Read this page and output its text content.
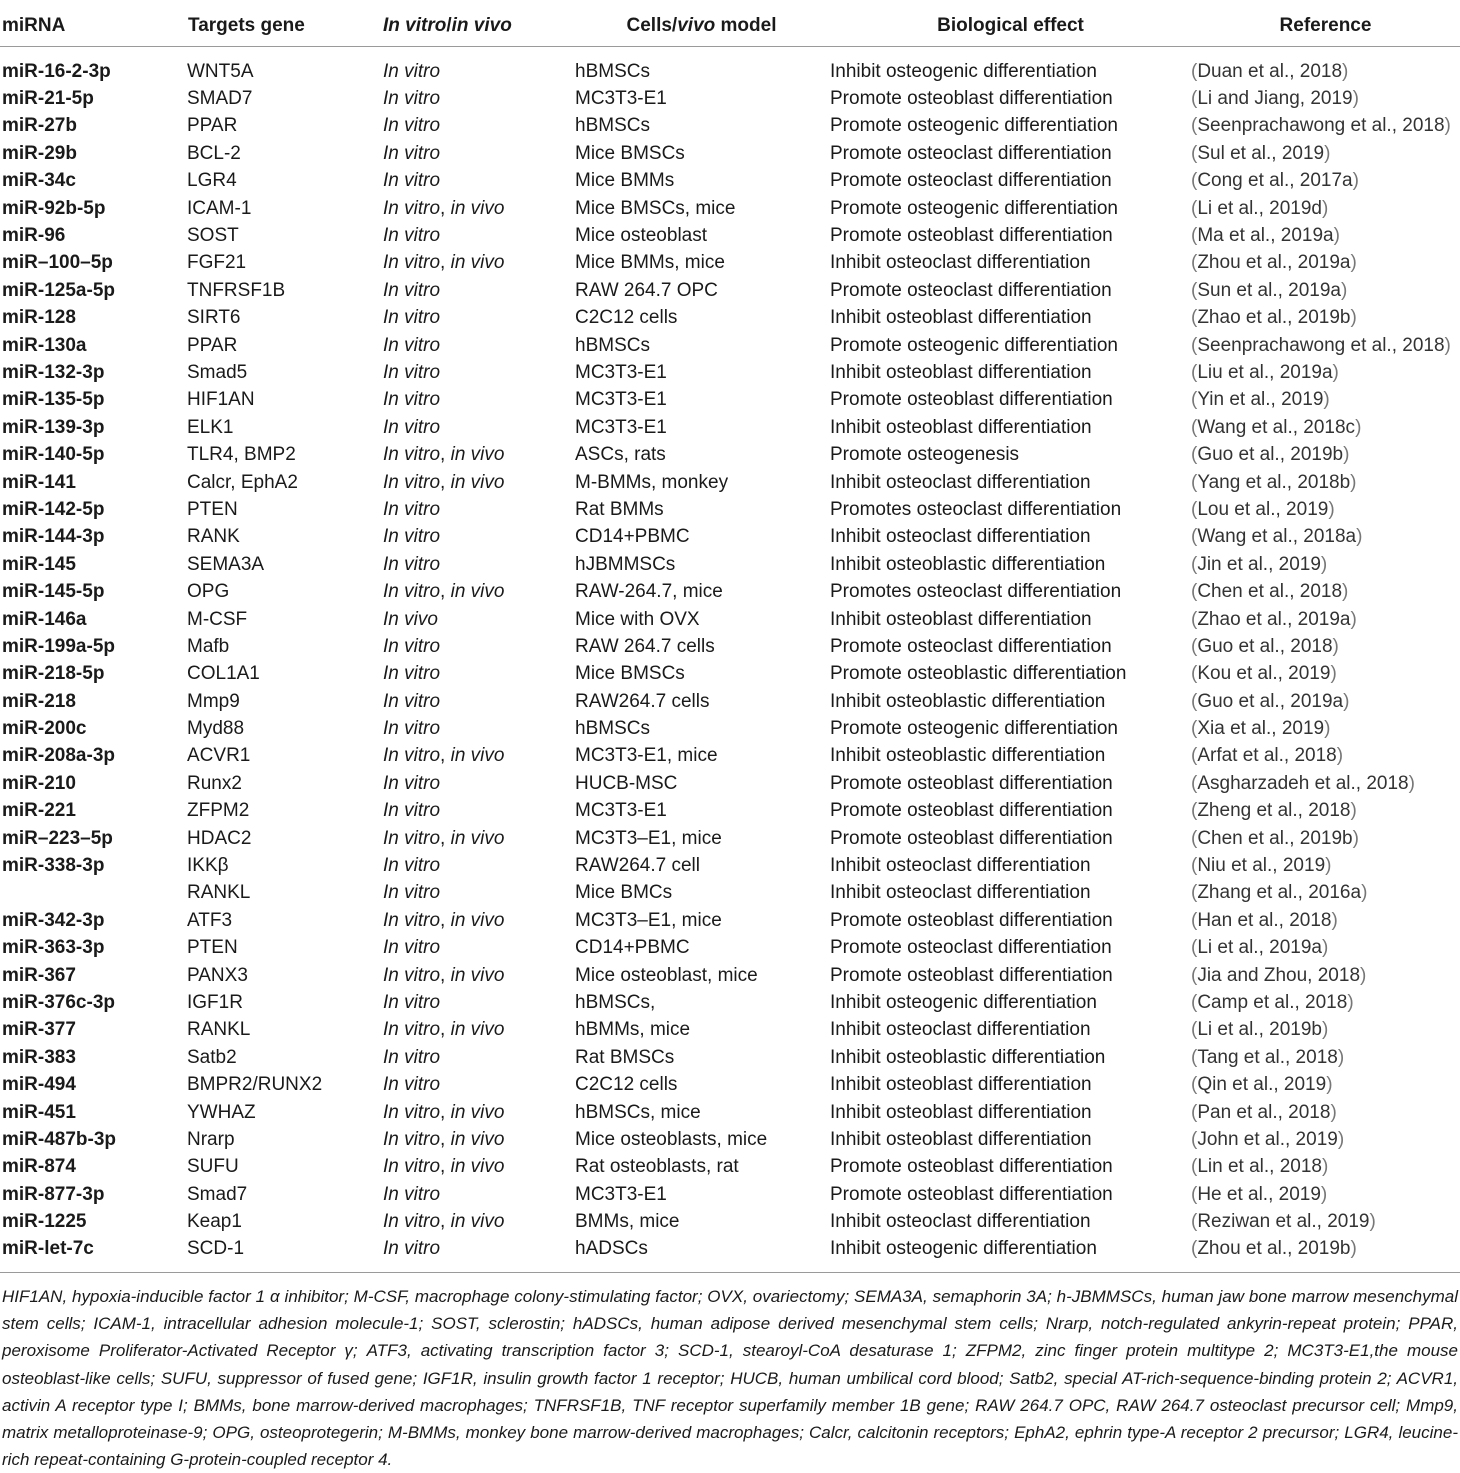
miRNA	Targets gene	In vitro/in vivo	Cells/vivo model	Biological effect	Reference
miR-16-2-3p	WNT5A	In vitro	hBMSCs	Inhibit osteogenic differentiation	(Duan et al., 2018)
miR-21-5p	SMAD7	In vitro	MC3T3-E1	Promote osteoblast differentiation	(Li and Jiang, 2019)
miR-27b	PPAR	In vitro	hBMSCs	Promote osteogenic differentiation	(Seenprachawong et al., 2018)
miR-29b	BCL-2	In vitro	Mice BMSCs	Promote osteoclast differentiation	(Sul et al., 2019)
miR-34c	LGR4	In vitro	Mice BMMs	Promote osteoclast differentiation	(Cong et al., 2017a)
miR-92b-5p	ICAM-1	In vitro, in vivo	Mice BMSCs, mice	Promote osteogenic differentiation	(Li et al., 2019d)
miR-96	SOST	In vitro	Mice osteoblast	Promote osteoblast differentiation	(Ma et al., 2019a)
miR–100–5p	FGF21	In vitro, in vivo	Mice BMMs, mice	Inhibit osteoclast differentiation	(Zhou et al., 2019a)
miR-125a-5p	TNFRSF1B	In vitro	RAW 264.7 OPC	Promote osteoclast differentiation	(Sun et al., 2019a)
miR-128	SIRT6	In vitro	C2C12 cells	Inhibit osteoblast differentiation	(Zhao et al., 2019b)
miR-130a	PPAR	In vitro	hBMSCs	Promote osteogenic differentiation	(Seenprachawong et al., 2018)
miR-132-3p	Smad5	In vitro	MC3T3-E1	Inhibit osteoblast differentiation	(Liu et al., 2019a)
miR-135-5p	HIF1AN	In vitro	MC3T3-E1	Promote osteoblast differentiation	(Yin et al., 2019)
miR-139-3p	ELK1	In vitro	MC3T3-E1	Inhibit osteoblast differentiation	(Wang et al., 2018c)
miR-140-5p	TLR4, BMP2	In vitro, in vivo	ASCs, rats	Promote osteogenesis	(Guo et al., 2019b)
miR-141	Calcr, EphA2	In vitro, in vivo	M-BMMs, monkey	Inhibit osteoclast differentiation	(Yang et al., 2018b)
miR-142-5p	PTEN	In vitro	Rat BMMs	Promotes osteoclast differentiation	(Lou et al., 2019)
miR-144-3p	RANK	In vitro	CD14+PBMC	Inhibit osteoclast differentiation	(Wang et al., 2018a)
miR-145	SEMA3A	In vitro	hJBMMSCs	Inhibit osteoblastic differentiation	(Jin et al., 2019)
miR-145-5p	OPG	In vitro, in vivo	RAW-264.7, mice	Promotes osteoclast differentiation	(Chen et al., 2018)
miR-146a	M-CSF	In vivo	Mice with OVX	Inhibit osteoblast differentiation	(Zhao et al., 2019a)
miR-199a-5p	Mafb	In vitro	RAW 264.7 cells	Promote osteoclast differentiation	(Guo et al., 2018)
miR-218-5p	COL1A1	In vitro	Mice BMSCs	Promote osteoblastic differentiation	(Kou et al., 2019)
miR-218	Mmp9	In vitro	RAW264.7 cells	Inhibit osteoblastic differentiation	(Guo et al., 2019a)
miR-200c	Myd88	In vitro	hBMSCs	Promote osteogenic differentiation	(Xia et al., 2019)
miR-208a-3p	ACVR1	In vitro, in vivo	MC3T3-E1, mice	Inhibit osteoblastic differentiation	(Arfat et al., 2018)
miR-210	Runx2	In vitro	HUCB-MSC	Promote osteoblast differentiation	(Asgharzadeh et al., 2018)
miR-221	ZFPM2	In vitro	MC3T3-E1	Promote osteoblast differentiation	(Zheng et al., 2018)
miR–223–5p	HDAC2	In vitro, in vivo	MC3T3–E1, mice	Promote osteoblast differentiation	(Chen et al., 2019b)
miR-338-3p	IKKβ	In vitro	RAW264.7 cell	Inhibit osteoclast differentiation	(Niu et al., 2019)
	RANKL	In vitro	Mice BMCs	Inhibit osteoclast differentiation	(Zhang et al., 2016a)
miR-342-3p	ATF3	In vitro, in vivo	MC3T3–E1, mice	Promote osteoblast differentiation	(Han et al., 2018)
miR-363-3p	PTEN	In vitro	CD14+PBMC	Promote osteoclast differentiation	(Li et al., 2019a)
miR-367	PANX3	In vitro, in vivo	Mice osteoblast, mice	Promote osteoblast differentiation	(Jia and Zhou, 2018)
miR-376c-3p	IGF1R	In vitro	hBMSCs,	Inhibit osteogenic differentiation	(Camp et al., 2018)
miR-377	RANKL	In vitro, in vivo	hBMMs, mice	Inhibit osteoclast differentiation	(Li et al., 2019b)
miR-383	Satb2	In vitro	Rat BMSCs	Inhibit osteoblastic differentiation	(Tang et al., 2018)
miR-494	BMPR2/RUNX2	In vitro	C2C12 cells	Inhibit osteoblast differentiation	(Qin et al., 2019)
miR-451	YWHAZ	In vitro, in vivo	hBMSCs, mice	Inhibit osteoblast differentiation	(Pan et al., 2018)
miR-487b-3p	Nrarp	In vitro, in vivo	Mice osteoblasts, mice	Inhibit osteoblast differentiation	(John et al., 2019)
miR-874	SUFU	In vitro, in vivo	Rat osteoblasts, rat	Promote osteoblast differentiation	(Lin et al., 2018)
miR-877-3p	Smad7	In vitro	MC3T3-E1	Promote osteoblast differentiation	(He et al., 2019)
miR-1225	Keap1	In vitro, in vivo	BMMs, mice	Inhibit osteoclast differentiation	(Reziwan et al., 2019)
miR-let-7c	SCD-1	In vitro	hADSCs	Inhibit osteogenic differentiation	(Zhou et al., 2019b)
HIF1AN, hypoxia-inducible factor 1 α inhibitor; M-CSF, macrophage colony-stimulating factor; OVX, ovariectomy; SEMA3A, semaphorin 3A; h-JBMMSCs, human jaw bone marrow mesenchymal stem cells; ICAM-1, intracellular adhesion molecule-1; SOST, sclerostin; hADSCs, human adipose derived mesenchymal stem cells; Nrarp, notch-regulated ankyrin-repeat protein; PPAR, peroxisome Proliferator-Activated Receptor γ; ATF3, activating transcription factor 3; SCD-1, stearoyl-CoA desaturase 1; ZFPM2, zinc finger protein multitype 2; MC3T3-E1,the mouse osteoblast-like cells; SUFU, suppressor of fused gene; IGF1R, insulin growth factor 1 receptor; HUCB, human umbilical cord blood; Satb2, special AT-rich-sequence-binding protein 2; ACVR1, activin A receptor type I; BMMs, bone marrow-derived macrophages; TNFRSF1B, TNF receptor superfamily member 1B gene; RAW 264.7 OPC, RAW 264.7 osteoclast precursor cell; Mmp9, matrix metalloproteinase-9; OPG, osteoprotegerin; M-BMMs, monkey bone marrow-derived macrophages; Calcr, calcitonin receptors; EphA2, ephrin type-A receptor 2 precursor; LGR4, leucine-rich repeat-containing G-protein-coupled receptor 4.
